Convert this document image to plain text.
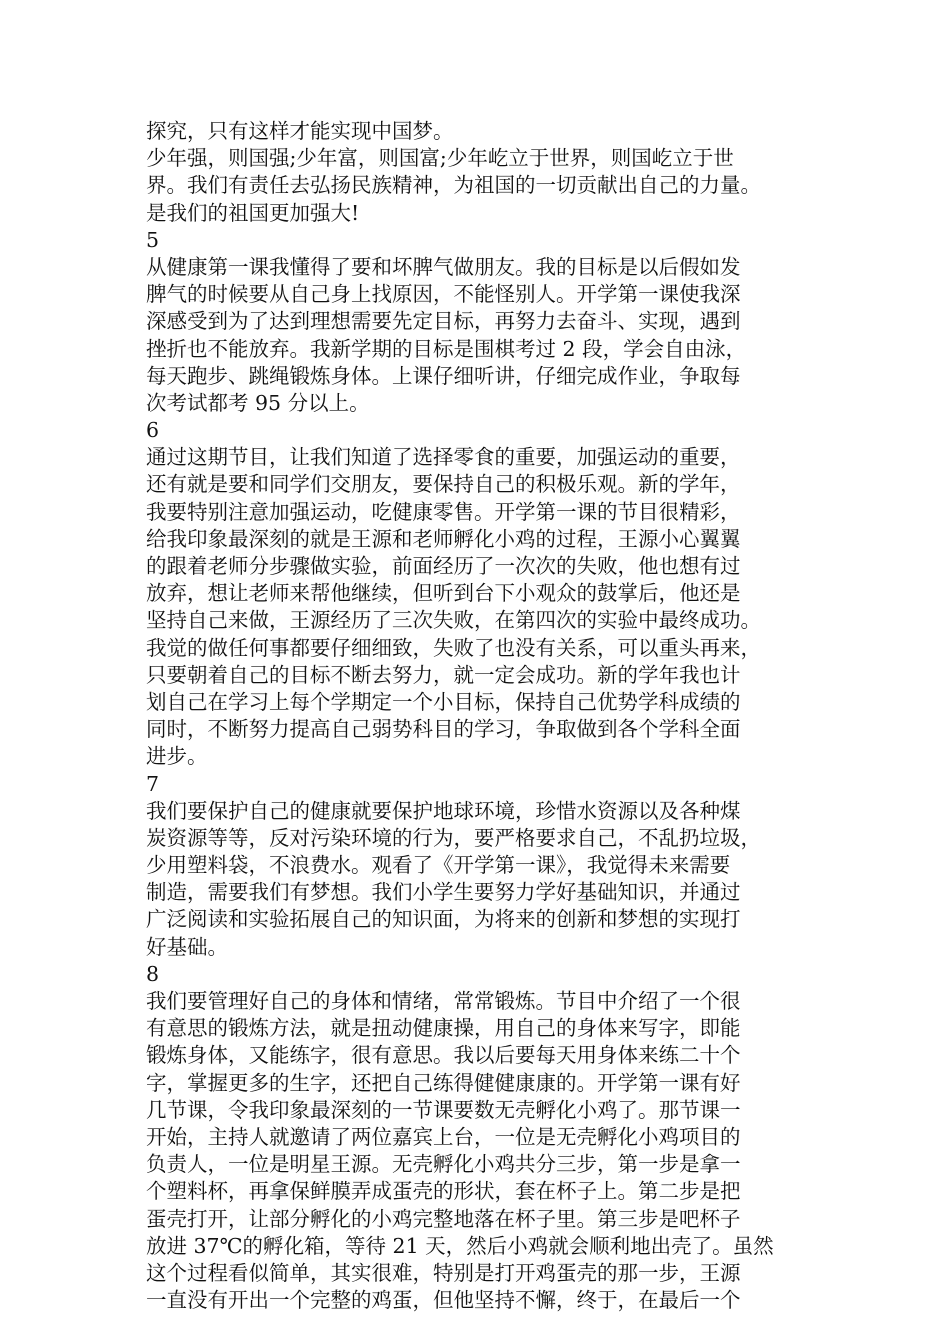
探究，只有这样才能实现中国梦。
少年强，则国强;少年富，则国富;少年屹立于世界，则国屹立于世
界。我们有责任去弘扬民族精神，为祖国的一切贡献出自己的力量。
是我们的祖国更加强大!
5
从健康第一课我懂得了要和坏脾气做朋友。我的目标是以后假如发
脾气的时候要从自己身上找原因，不能怪别人。开学第一课使我深
深感受到为了达到理想需要先定目标，再努力去奋斗、实现，遇到
挫折也不能放弃。我新学期的目标是围棋考过 2 段，学会自由泳，
每天跑步、跳绳锻炼身体。上课仔细听讲，仔细完成作业，争取每
次考试都考 95 分以上。
6
通过这期节目，让我们知道了选择零食的重要，加强运动的重要，
还有就是要和同学们交朋友，要保持自己的积极乐观。新的学年，
我要特别注意加强运动，吃健康零售。开学第一课的节目很精彩，
给我印象最深刻的就是王源和老师孵化小鸡的过程，王源小心翼翼
的跟着老师分步骤做实验，前面经历了一次次的失败，他也想有过
放弃，想让老师来帮他继续，但听到台下小观众的鼓掌后，他还是
坚持自己来做，王源经历了三次失败，在第四次的实验中最终成功。
我觉的做任何事都要仔细细致，失败了也没有关系，可以重头再来，
只要朝着自己的目标不断去努力，就一定会成功。新的学年我也计
划自己在学习上每个学期定一个小目标，保持自己优势学科成绩的
同时，不断努力提高自己弱势科目的学习，争取做到各个学科全面
进步。
7
我们要保护自己的健康就要保护地球环境，珍惜水资源以及各种煤
炭资源等等，反对污染环境的行为，要严格要求自己，不乱扔垃圾，
少用塑料袋，不浪费水。观看了《开学第一课》，我觉得未来需要
制造，需要我们有梦想。我们小学生要努力学好基础知识，并通过
广泛阅读和实验拓展自己的知识面，为将来的创新和梦想的实现打
好基础。
8
我们要管理好自己的身体和情绪，常常锻炼。节目中介绍了一个很
有意思的锻炼方法，就是扭动健康操，用自己的身体来写字，即能
锻炼身体，又能练字，很有意思。我以后要每天用身体来练二十个
字，掌握更多的生字，还把自己练得健健康康的。开学第一课有好
几节课，令我印象最深刻的一节课要数无壳孵化小鸡了。那节课一
开始，主持人就邀请了两位嘉宾上台，一位是无壳孵化小鸡项目的
负责人，一位是明星王源。无壳孵化小鸡共分三步，第一步是拿一
个塑料杯，再拿保鲜膜弄成蛋壳的形状，套在杯子上。第二步是把
蛋壳打开，让部分孵化的小鸡完整地落在杯子里。第三步是吧杯子
放进 37℃的孵化箱，等待 21 天，然后小鸡就会顺利地出壳了。虽然
这个过程看似简单，其实很难，特别是打开鸡蛋壳的那一步，王源
一直没有开出一个完整的鸡蛋，但他坚持不懈，终于，在最后一个
